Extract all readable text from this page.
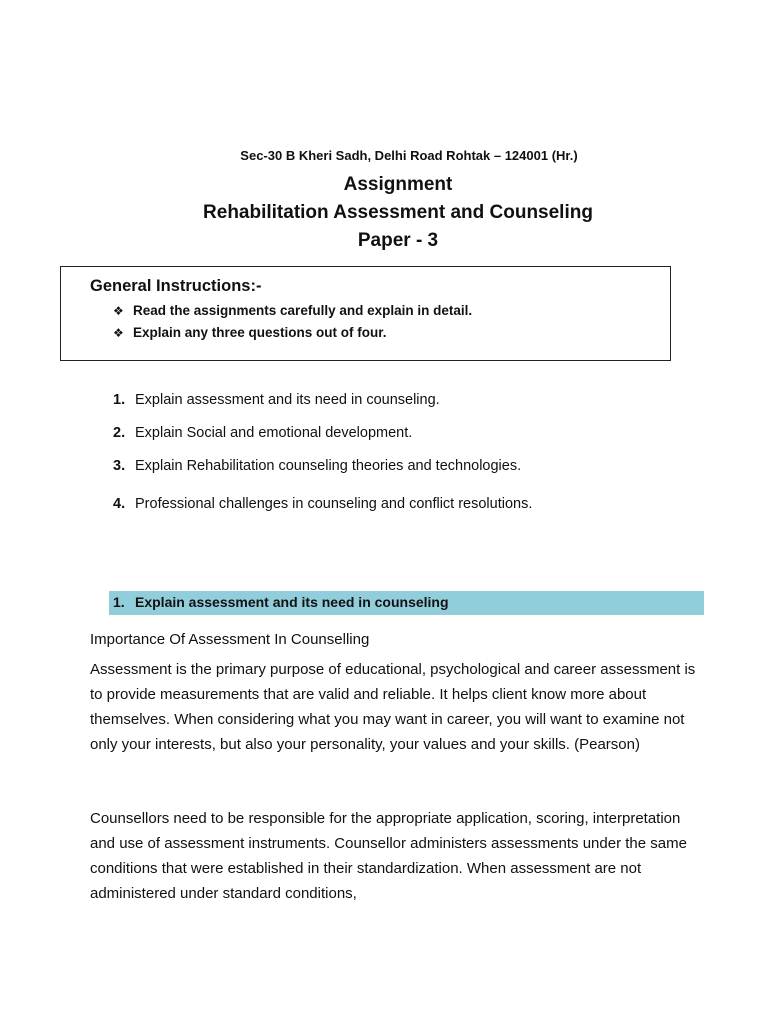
Sec-30 B Kheri Sadh, Delhi Road Rohtak – 124001 (Hr.)
Assignment
Rehabilitation Assessment and Counseling
Paper - 3
General Instructions:-
❖ Read the assignments carefully and explain in detail.
❖ Explain any three questions out of four.
1. Explain assessment and its need in counseling.
2. Explain Social and emotional development.
3. Explain Rehabilitation counseling theories and technologies.
4. Professional challenges in counseling and conflict resolutions.
1. Explain assessment and its need in counseling
Importance Of Assessment In Counselling

Assessment is the primary purpose of educational, psychological and career assessment is to provide measurements that are valid and reliable. It helps client know more about themselves. When considering what you may want in career, you will want to examine not only your interests, but also your personality, your values and your skills. (Pearson)

Counsellors need to be responsible for the appropriate application, scoring, interpretation and use of assessment instruments. Counsellor administers assessments under the same conditions that were established in their standardization. When assessment are not administered under standard conditions,
